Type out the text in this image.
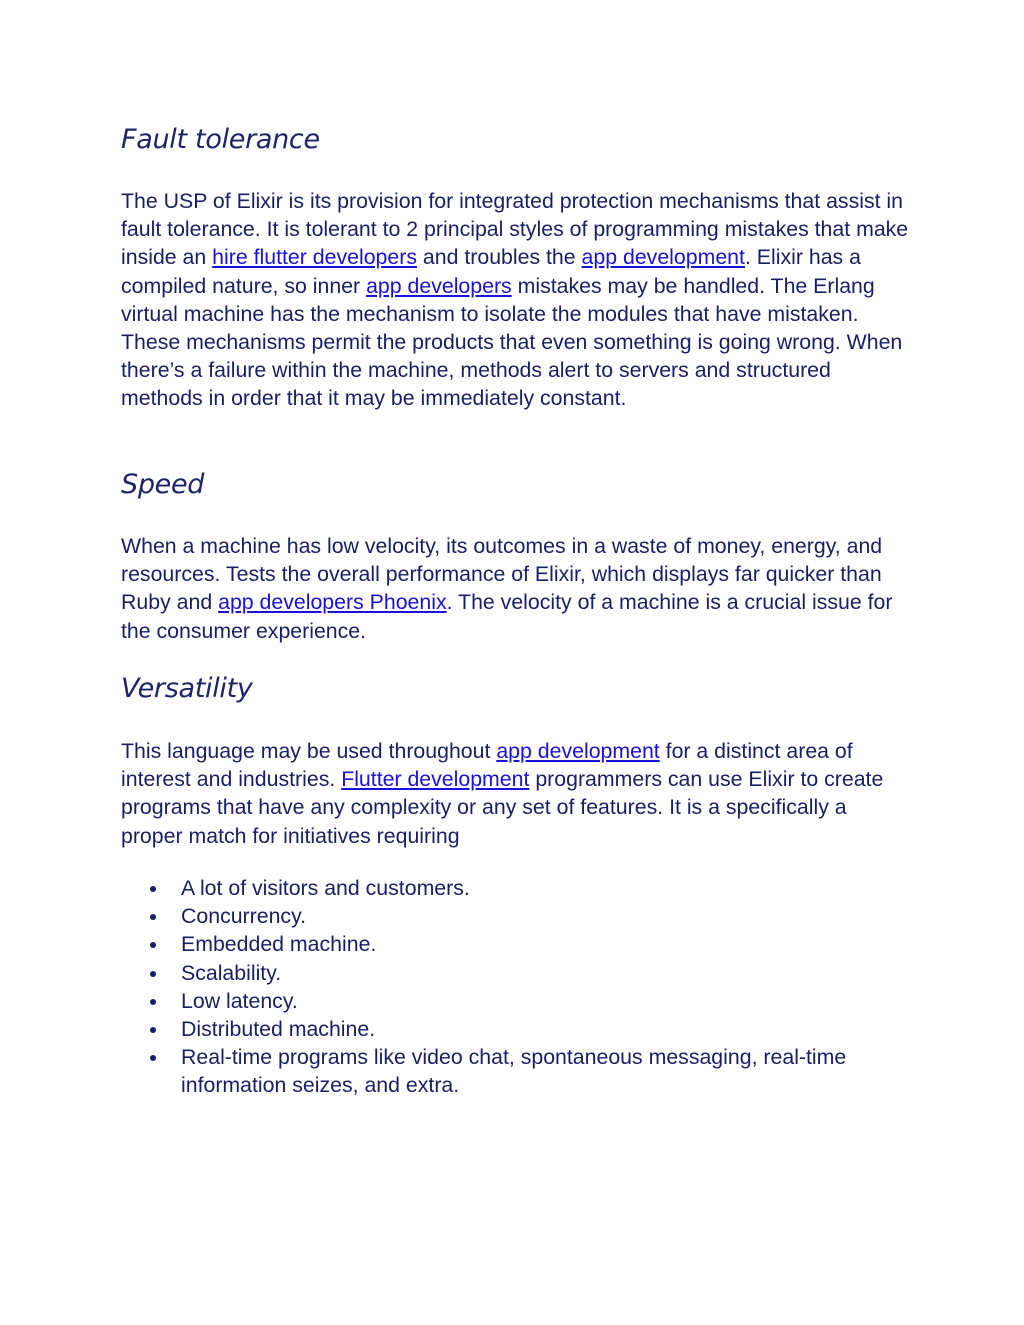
Fault tolerance

The USP of Elixir is its provision for integrated protection mechanisms that assist in fault tolerance. It is tolerant to 2 principal styles of programming mistakes that make inside an hire flutter developers and troubles the app development. Elixir has a compiled nature, so inner app developers mistakes may be handled. The Erlang virtual machine has the mechanism to isolate the modules that have mistaken. These mechanisms permit the products that even something is going wrong. When there’s a failure within the machine, methods alert to servers and structured methods in order that it may be immediately constant.

Speed

When a machine has low velocity, its outcomes in a waste of money, energy, and resources. Tests the overall performance of Elixir, which displays far quicker than Ruby and app developers Phoenix. The velocity of a machine is a crucial issue for the consumer experience.

Versatility

This language may be used throughout app development for a distinct area of interest and industries. Flutter development programmers can use Elixir to create programs that have any complexity or any set of features. It is a specifically a proper match for initiatives requiring

A lot of visitors and customers.
Concurrency.
Embedded machine.
Scalability.
Low latency.
Distributed machine.
Real-time programs like video chat, spontaneous messaging, real-time information seizes, and extra.
